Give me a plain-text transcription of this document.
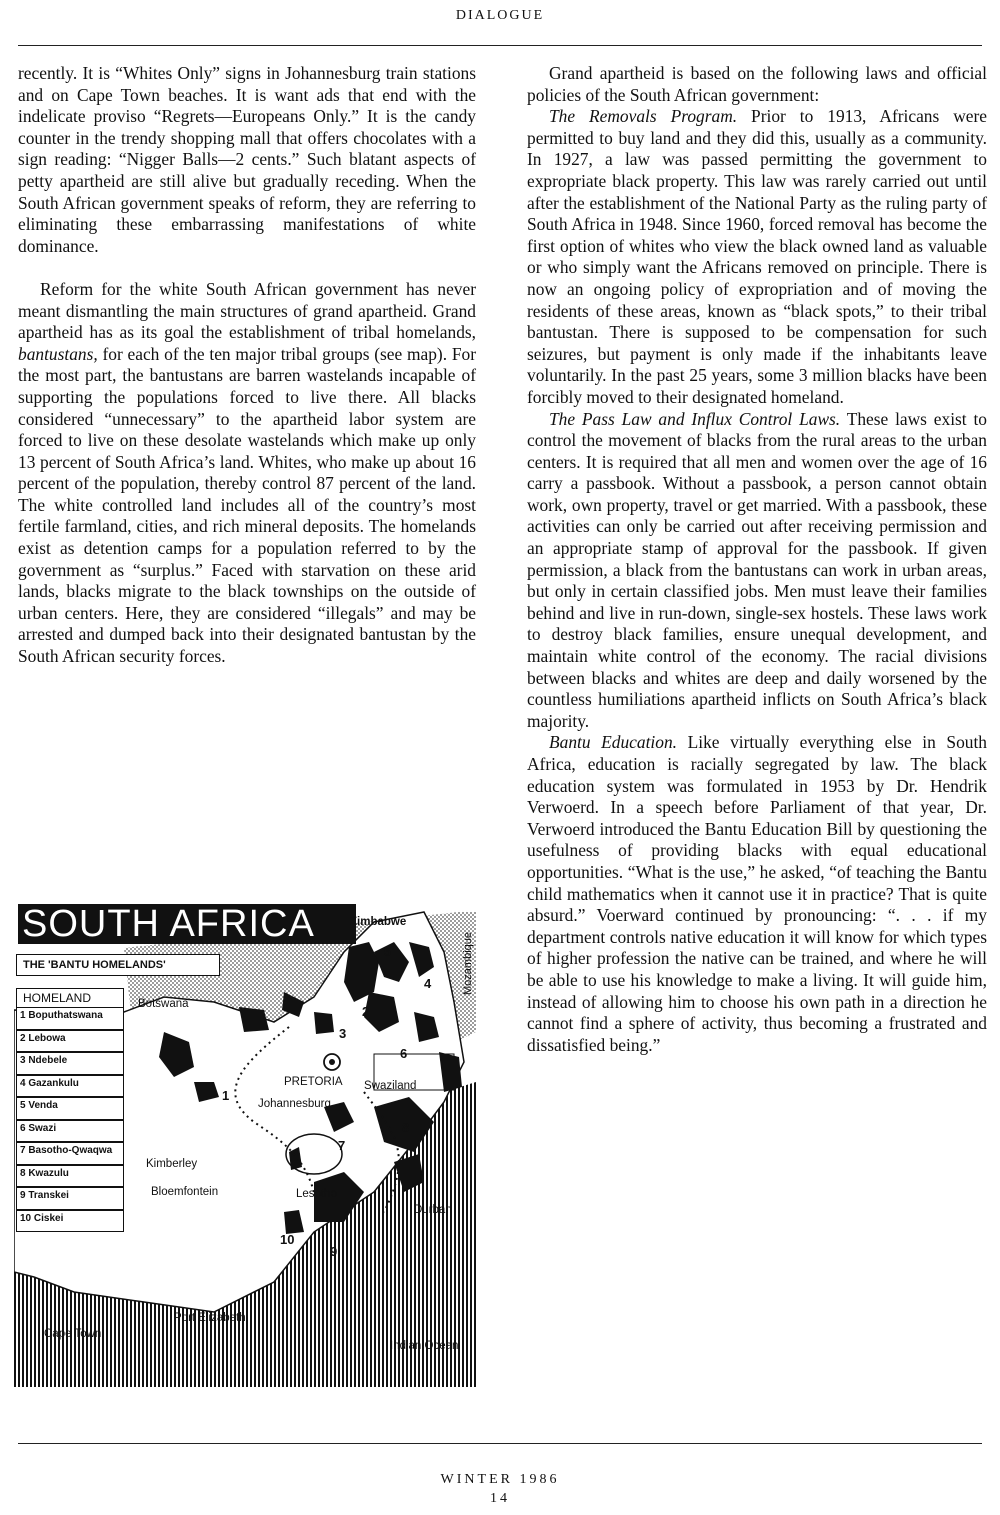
DIALOGUE

recently. It is “Whites Only” signs in Johannesburg train stations and on Cape Town beaches. It is want ads that end with the indelicate proviso “Regrets—Europeans Only.” It is the candy counter in the trendy shopping mall that offers chocolates with a sign reading: “Nigger Balls—2 cents.” Such blatant aspects of petty apartheid are still alive but gradually receding. When the South African government speaks of reform, they are referring to eliminating these embarrassing manifestations of white dominance.

Reform for the white South African government has never meant dismantling the main structures of grand apartheid. Grand apartheid has as its goal the establishment of tribal homelands, bantustans, for each of the ten major tribal groups (see map). For the most part, the bantustans are barren wastelands incapable of supporting the populations forced to live there. All blacks considered “unnecessary” to the apartheid labor system are forced to live on these desolate wastelands which make up only 13 percent of South Africa’s land. Whites, who make up about 16 percent of the population, thereby control 87 percent of the land. The white controlled land includes all of the country’s most fertile farmland, cities, and rich mineral deposits. The homelands exist as detention camps for a population referred to by the government as “surplus.” Faced with starvation on these arid lands, blacks migrate to the black townships on the outside of urban centers. Here, they are considered “illegals” and may be arrested and dumped back into their designated bantustan by the South African security forces.

SOUTH AFRICA
THE 'BANTU HOMELANDS'
HOMELAND
1 Boputhatswana
2 Lebowa
3 Ndebele
4 Gazankulu
5 Venda
6 Swazi
7 Basotho-Qwaqwa
8 Kwazulu
9 Transkei
10 Ciskei
Zimbabwe
Botswana
Mozambique
PRETORIA
Johannesburg
Swaziland
Kimberley
Bloemfontein	Lesotho
Durban
Port Elizabeth
Cape Town
Indian Ocean
1
2
3
4
5
6
7
8
9
10

Grand apartheid is based on the following laws and official policies of the South African government:

The Removals Program. Prior to 1913, Africans were permitted to buy land and they did this, usually as a community. In 1927, a law was passed permitting the government to expropriate black property. This law was rarely carried out until after the establishment of the National Party as the ruling party of South Africa in 1948. Since 1960, forced removal has become the first option of whites who view the black owned land as valuable or who simply want the Africans removed on principle. There is now an ongoing policy of expropriation and of moving the residents of these areas, known as “black spots,” to their tribal bantustan. There is supposed to be compensation for such seizures, but payment is only made if the inhabitants leave voluntarily. In the past 25 years, some 3 million blacks have been forcibly moved to their designated homeland.

The Pass Law and Influx Control Laws. These laws exist to control the movement of blacks from the rural areas to the urban centers. It is required that all men and women over the age of 16 carry a passbook. Without a passbook, a person cannot obtain work, own property, travel or get married. With a passbook, these activities can only be carried out after receiving permission and an appropriate stamp of approval for the passbook. If given permission, a black from the bantustans can work in urban areas, but only in certain classified jobs. Men must leave their families behind and live in run-down, single-sex hostels. These laws work to destroy black families, ensure unequal development, and maintain white control of the economy. The racial divisions between blacks and whites are deep and daily worsened by the countless humiliations apartheid inflicts on South Africa’s black majority.

Bantu Education. Like virtually everything else in South Africa, education is racially segregated by law. The black education system was formulated in 1953 by Dr. Hendrik Verwoerd. In a speech before Parliament of that year, Dr. Verwoerd introduced the Bantu Education Bill by questioning the usefulness of providing blacks with equal educational opportunities. “What is the use,” he asked, “of teaching the Bantu child mathematics when it cannot use it in practice? That is quite absurd.” Voerward continued by pronouncing: “. . . if my department controls native education it will know for which types of higher profession the native can be trained, and where he will be able to use his knowledge to make a living. It will guide him, instead of allowing him to choose his own path in a direction he cannot find a sphere of activity, thus becoming a frustrated and dissatisfied being.”

WINTER 1986
14
